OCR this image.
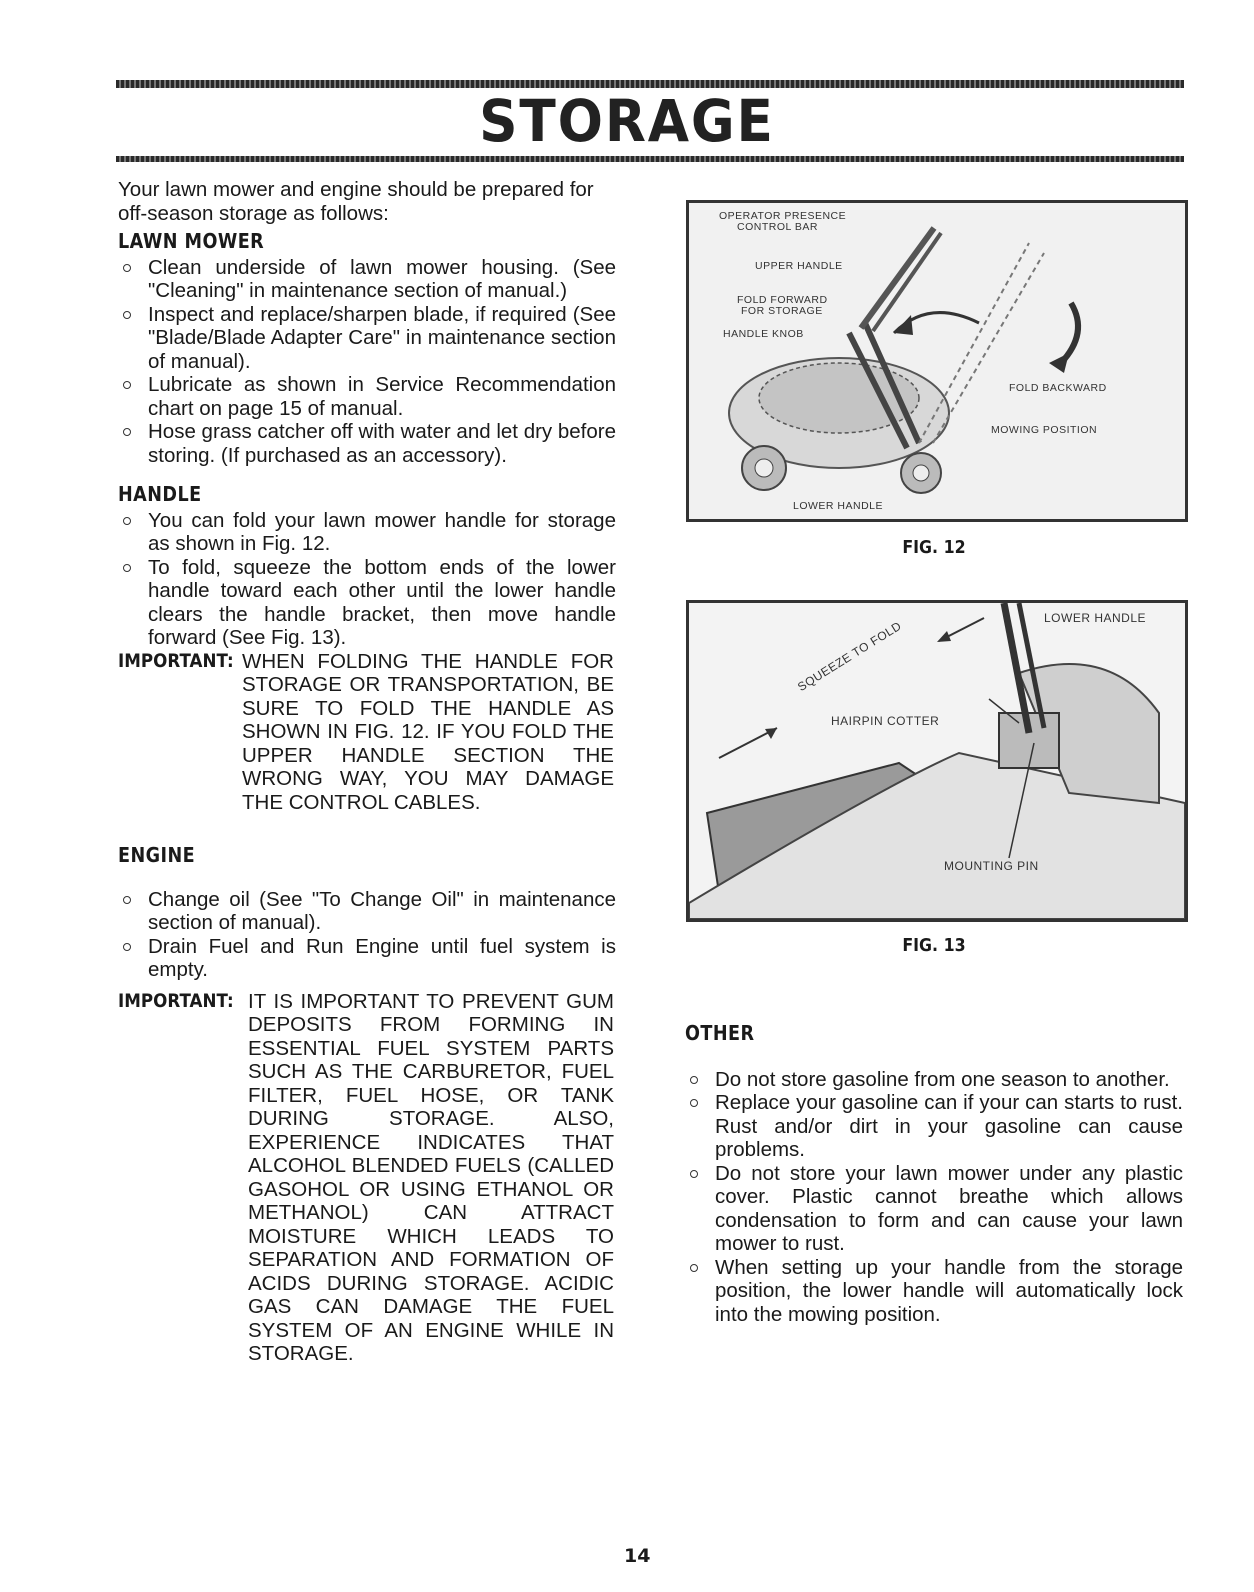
STORAGE

Your lawn mower and engine should be prepared for off-season storage as follows:

LAWN MOWER
Clean underside of lawn mower housing. (See "Cleaning" in maintenance section of manual.)
Inspect and replace/sharpen blade, if required (See "Blade/Blade Adapter Care" in maintenance section of manual).
Lubricate as shown in Service Recommendation chart on page 15 of manual.
Hose grass catcher off with water and let dry before storing. (If purchased as an accessory).
HANDLE
You can fold your lawn mower handle for storage as shown in Fig. 12.
To fold, squeeze the bottom ends of the lower handle toward each other until the lower handle clears the handle bracket, then move handle forward (See Fig. 13).
IMPORTANT: WHEN FOLDING THE HANDLE FOR STORAGE OR TRANSPORTATION, BE SURE TO FOLD THE HANDLE AS SHOWN IN FIG. 12. IF YOU FOLD THE UPPER HANDLE SECTION THE WRONG WAY, YOU MAY DAMAGE THE CONTROL CABLES.
ENGINE
Change oil (See "To Change Oil" in maintenance section of manual).
Drain Fuel and Run Engine until fuel system is empty.
IMPORTANT: IT IS IMPORTANT TO PREVENT GUM DEPOSITS FROM FORMING IN ESSENTIAL FUEL SYSTEM PARTS SUCH AS THE CARBURETOR, FUEL FILTER, FUEL HOSE, OR TANK DURING STORAGE. ALSO, EXPERIENCE INDICATES THAT ALCOHOL BLENDED FUELS (CALLED GASOHOL OR USING ETHANOL OR METHANOL) CAN ATTRACT MOISTURE WHICH LEADS TO SEPARATION AND FORMATION OF ACIDS DURING STORAGE. ACIDIC GAS CAN DAMAGE THE FUEL SYSTEM OF AN ENGINE WHILE IN STORAGE.
OPERATOR PRESENCE
CONTROL BAR
UPPER HANDLE
FOLD FORWARD
FOR STORAGE
HANDLE KNOB
FOLD BACKWARD
MOWING POSITION
LOWER HANDLE
FIG. 12
LOWER HANDLE
SQUEEZE TO FOLD
HAIRPIN COTTER
MOUNTING PIN
FIG. 13
OTHER
Do not store gasoline from one season to another.
Replace your gasoline can if your can starts to rust. Rust and/or dirt in your gasoline can cause problems.
Do not store your lawn mower under any plastic cover. Plastic cannot breathe which allows condensation to form and can cause your lawn mower to rust.
When setting up your handle from the storage position, the lower handle will automatically lock into the mowing position.
14
